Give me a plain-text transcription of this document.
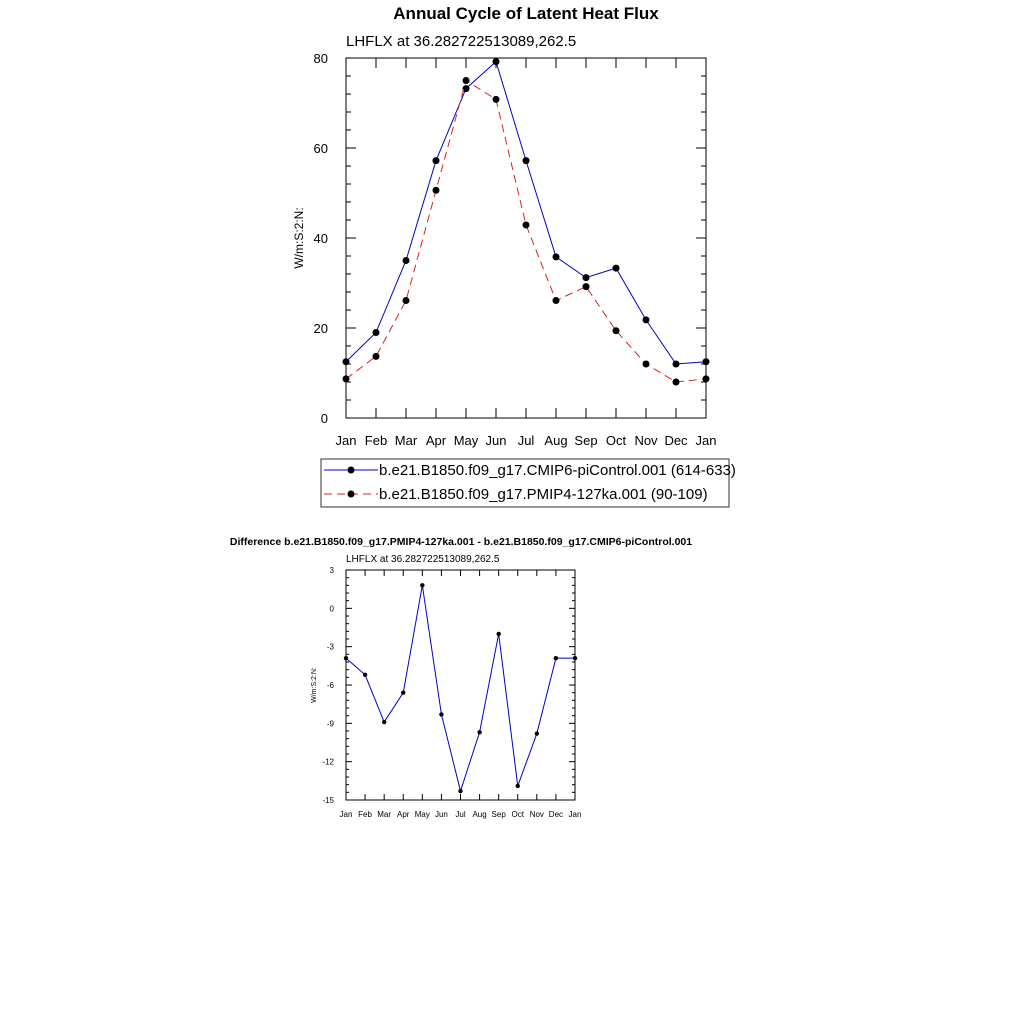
Annual Cycle of Latent Heat Flux
LHFLX at 36.282722513089,262.5
W/m:S:2:N:
0
20
40
60
80
Jan Feb Mar Apr May Jun Jul Aug Sep Oct Nov Dec Jan
b.e21.B1850.f09_g17.CMIP6-piControl.001 (614-633)
b.e21.B1850.f09_g17.PMIP4-127ka.001 (90-109)
Difference b.e21.B1850.f09_g17.PMIP4-127ka.001 - b.e21.B1850.f09_g17.CMIP6-piControl.001
LHFLX at 36.282722513089,262.5
W/m:S:2:N:
-15
-12
-9
-6
-3
0
3
Jan Feb Mar Apr May Jun Jul Aug Sep Oct Nov Dec Jan
